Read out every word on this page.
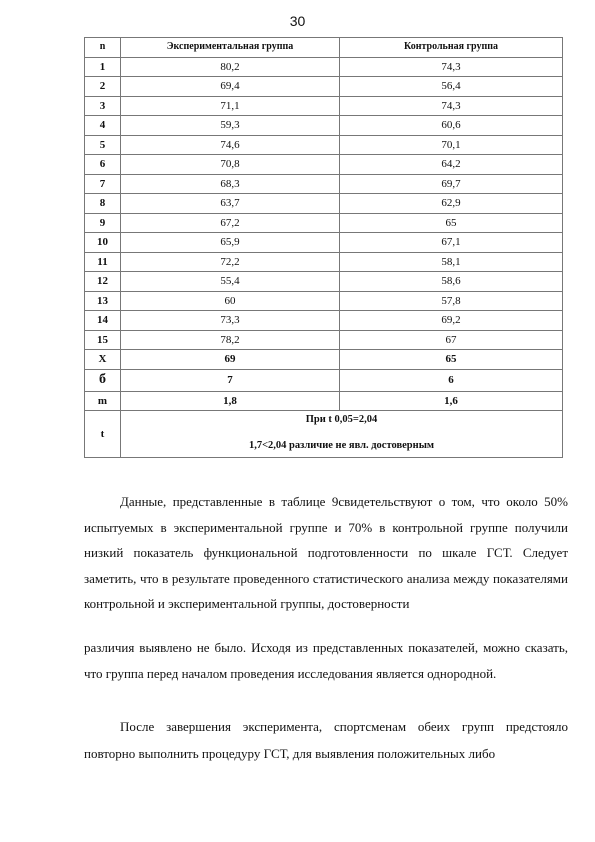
30
n	Экспериментальная группа	Контрольная группа
1	80,2	74,3
2	69,4	56,4
3	71,1	74,3
4	59,3	60,6
5	74,6	70,1
6	70,8	64,2
7	68,3	69,7
8	63,7	62,9
9	67,2	65
10	65,9	67,1
11	72,2	58,1
12	55,4	58,6
13	60	57,8
14	73,3	69,2
15	78,2	67
X	69	65
б	7	6
m	1,8	1,6
t	При t 0,05=2,04
1,7<2,04 различие не явл. достоверным	
Данные, представленные в таблице 9свидетельствуют о том, что около 50% испытуемых в экспериментальной группе и 70% в контрольной группе получили низкий показатель функциональной подготовленности по шкале ГСТ. Следует заметить, что в результате проведенного статистического анализа между показателями контрольной и экспериментальной группы, достоверности
различия выявлено не было. Исходя из представленных показателей, можно сказать, что группа перед началом проведения исследования является однородной.
После завершения эксперимента, спортсменам обеих групп предстояло повторно выполнить процедуру ГСТ, для выявления положительных либо
